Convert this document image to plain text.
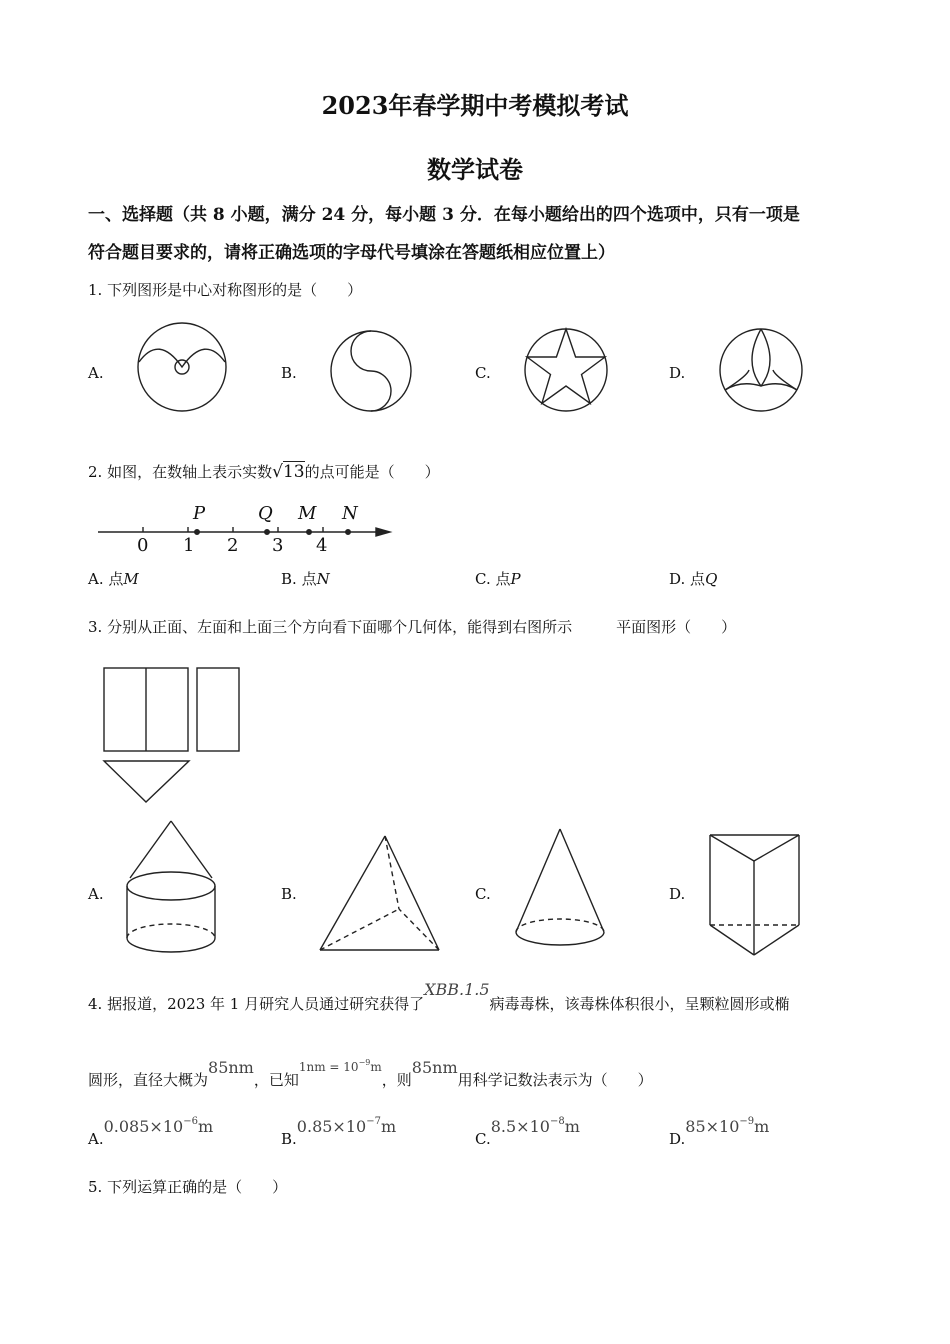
2023年春学期中考模拟考试
数学试卷
一、选择题（共 8 小题，满分 24 分，每小题 3 分．在每小题给出的四个选项中，只有一项是
符合题目要求的，请将正确选项的字母代号填涂在答题纸相应位置上）
1. 下列图形是中心对称图形的是（　　）
A.	B.	C.	D.
2. 如图，在数轴上表示实数√13的点可能是（　　）
P	Q M N
0 1 2 3 4
A. 点M	B. 点N	C. 点P	D. 点Q
3. 分别从正面、左面和上面三个方向看下面哪个几何体，能得到右图所示	平面图形（　　）
A.	B.	C.	D.
4. 据报道，2023 年 1 月研究人员通过研究获得了XBB.1.5病毒毒株，该毒株体积很小，呈颗粒圆形或椭
圆形，直径大概为85nm，已知$^{1nm = 10^{-9}m}$，则85nm用科学记数法表示为（　　）
$A.0.085\times 10^{-6}m$
$B.0.85\times 10^{-7}m$
$C.8.5\times 10^{-8}m$
$D.85\times 10^{-9}m$
5. 下列运算正确的是（　　）
